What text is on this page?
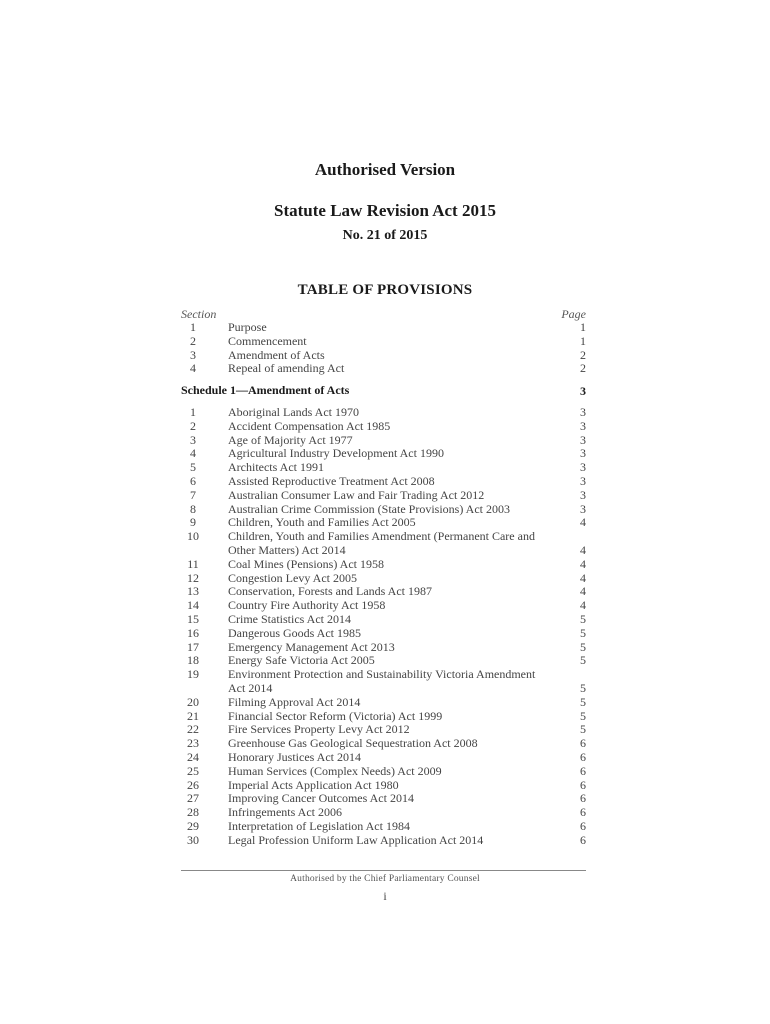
Authorised Version
Statute Law Revision Act 2015
No. 21 of 2015
TABLE OF PROVISIONS
Section	Page
1	Purpose	1
2	Commencement	1
3	Amendment of Acts	2
4	Repeal of amending Act	2
Schedule 1—Amendment of Acts	3
1	Aboriginal Lands Act 1970	3
2	Accident Compensation Act 1985	3
3	Age of Majority Act 1977	3
4	Agricultural Industry Development Act 1990	3
5	Architects Act 1991	3
6	Assisted Reproductive Treatment Act 2008	3
7	Australian Consumer Law and Fair Trading Act 2012	3
8	Australian Crime Commission (State Provisions) Act 2003	3
9	Children, Youth and Families Act 2005	4
10	Children, Youth and Families Amendment (Permanent Care and Other Matters) Act 2014	4
11	Coal Mines (Pensions) Act 1958	4
12	Congestion Levy Act 2005	4
13	Conservation, Forests and Lands Act 1987	4
14	Country Fire Authority Act 1958	4
15	Crime Statistics Act 2014	5
16	Dangerous Goods Act 1985	5
17	Emergency Management Act 2013	5
18	Energy Safe Victoria Act 2005	5
19	Environment Protection and Sustainability Victoria Amendment Act 2014	5
20	Filming Approval Act 2014	5
21	Financial Sector Reform (Victoria) Act 1999	5
22	Fire Services Property Levy Act 2012	5
23	Greenhouse Gas Geological Sequestration Act 2008	6
24	Honorary Justices Act 2014	6
25	Human Services (Complex Needs) Act 2009	6
26	Imperial Acts Application Act 1980	6
27	Improving Cancer Outcomes Act 2014	6
28	Infringements Act 2006	6
29	Interpretation of Legislation Act 1984	6
30	Legal Profession Uniform Law Application Act 2014	6
Authorised by the Chief Parliamentary Counsel
i
